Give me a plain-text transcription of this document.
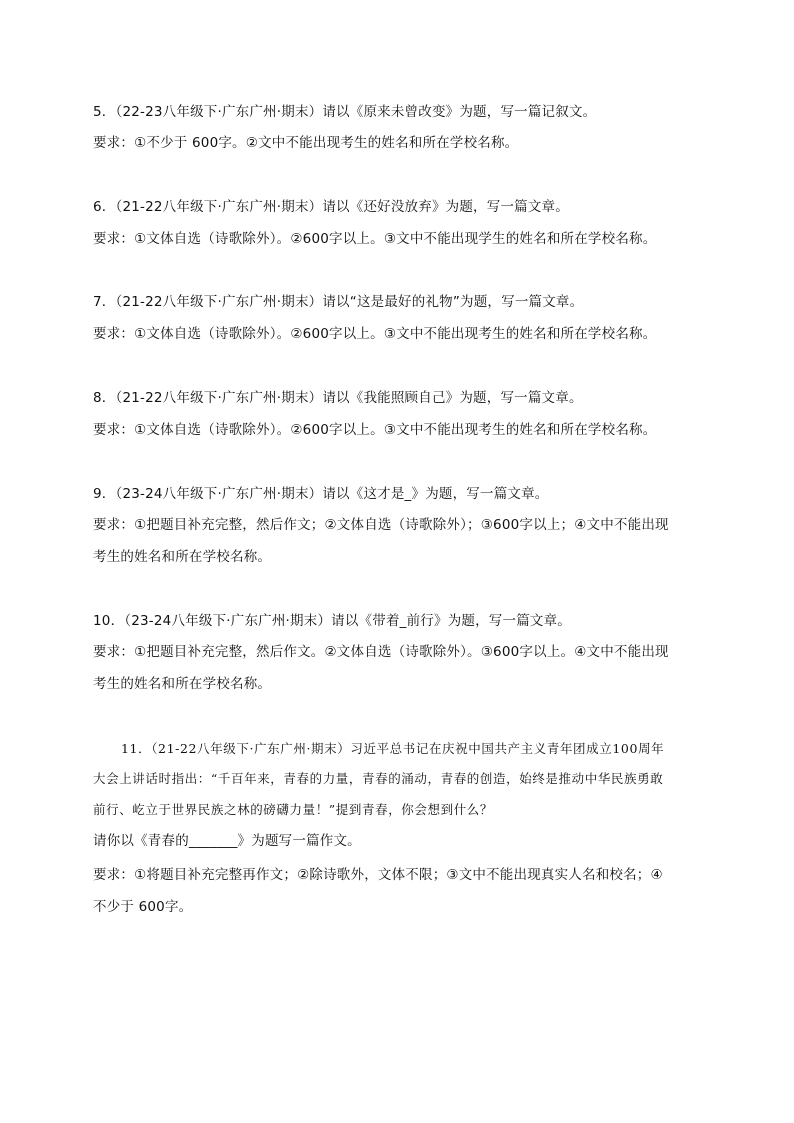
5．（22-23八年级下·广东广州·期末）请以《原来未曾改变》为题，写一篇记叙文。
要求：①不少于 600字。②文中不能出现考生的姓名和所在学校名称。
6．（21-22八年级下·广东广州·期末）请以《还好没放弃》为题，写一篇文章。
要求：①文体自选（诗歌除外）。②600字以上。③文中不能出现学生的姓名和所在学校名称。
7．（21-22八年级下·广东广州·期末）请以“这是最好的礼物”为题，写一篇文章。
要求：①文体自选（诗歌除外）。②600字以上。③文中不能出现考生的姓名和所在学校名称。
8．（21-22八年级下·广东广州·期末）请以《我能照顾自己》为题，写一篇文章。
要求：①文体自选（诗歌除外）。②600字以上。③文中不能出现考生的姓名和所在学校名称。
9．（23-24八年级下·广东广州·期末）请以《这才是_》为题，写一篇文章。
要求：①把题目补充完整，然后作文；②文体自选（诗歌除外）；③600字以上；④文中不能出现
考生的姓名和所在学校名称。
10．（23-24八年级下·广东广州·期末）请以《带着_前行》为题，写一篇文章。
要求：①把题目补充完整，然后作文。②文体自选（诗歌除外）。③600字以上。④文中不能出现
考生的姓名和所在学校名称。
11．（21-22八年级下·广东广州·期末）习近平总书记在庆祝中国共产主义青年团成立100周年
大会上讲话时指出：“千百年来，青春的力量，青春的涌动，青春的创造，始终是推动中华民族勇敢
前行、屹立于世界民族之林的磅礴力量！”提到青春，你会想到什么？
请你以《青春的_______》为题写一篇作文。
要求：①将题目补充完整再作文；②除诗歌外，文体不限；③文中不能出现真实人名和校名；④
不少于 600字。
